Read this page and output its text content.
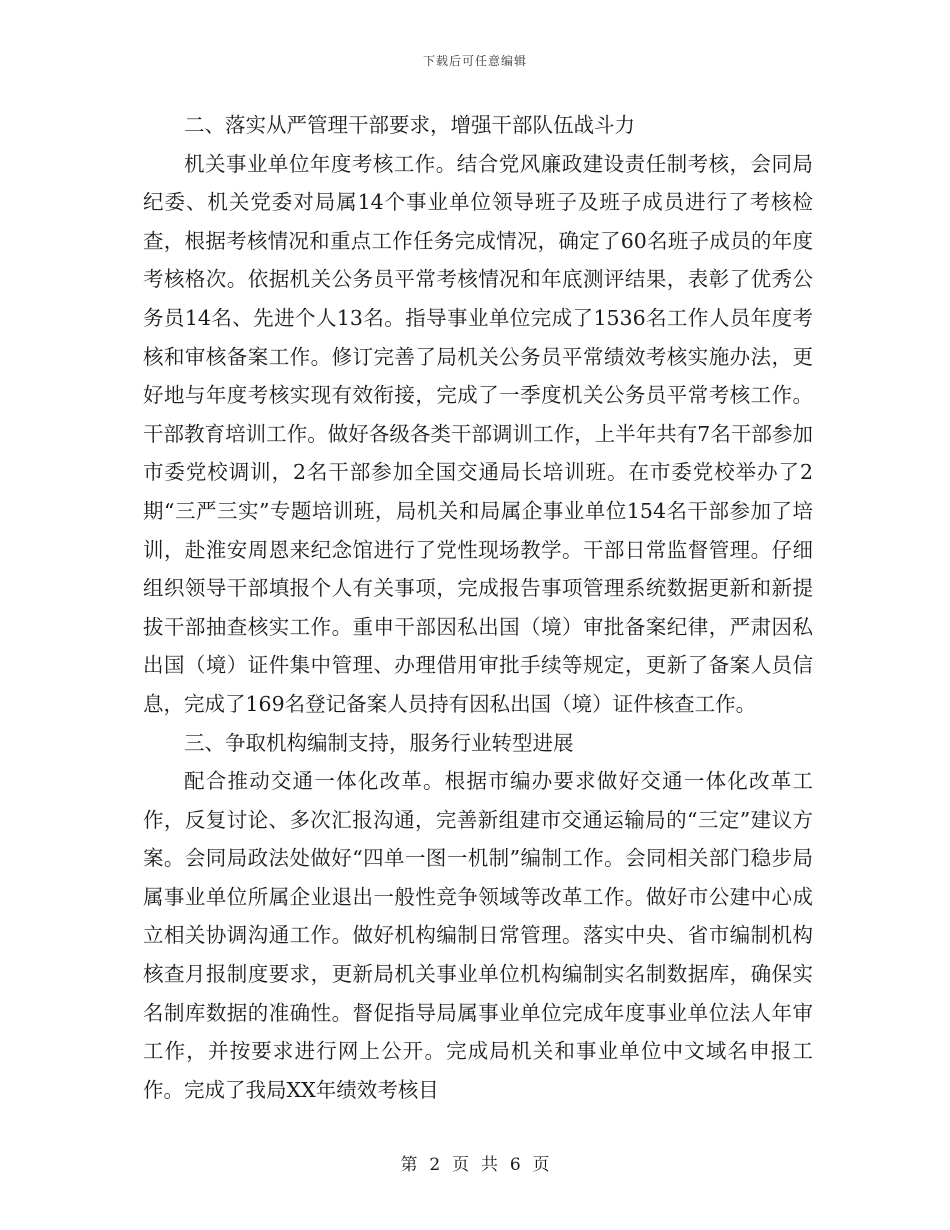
下载后可任意编辑

二、落实从严管理干部要求，增强干部队伍战斗力

机关事业单位年度考核工作。结合党风廉政建设责任制考核，会同局纪委、机关党委对局属14个事业单位领导班子及班子成员进行了考核检查，根据考核情况和重点工作任务完成情况，确定了60名班子成员的年度考核格次。依据机关公务员平常考核情况和年底测评结果，表彰了优秀公务员14名、先进个人13名。指导事业单位完成了1536名工作人员年度考核和审核备案工作。修订完善了局机关公务员平常绩效考核实施办法，更好地与年度考核实现有效衔接，完成了一季度机关公务员平常考核工作。干部教育培训工作。做好各级各类干部调训工作，上半年共有7名干部参加市委党校调训，2名干部参加全国交通局长培训班。在市委党校举办了2期“三严三实”专题培训班，局机关和局属企事业单位154名干部参加了培训，赴淮安周恩来纪念馆进行了党性现场教学。干部日常监督管理。仔细组织领导干部填报个人有关事项，完成报告事项管理系统数据更新和新提拔干部抽查核实工作。重申干部因私出国（境）审批备案纪律，严肃因私出国（境）证件集中管理、办理借用审批手续等规定，更新了备案人员信息，完成了169名登记备案人员持有因私出国（境）证件核查工作。

三、争取机构编制支持，服务行业转型进展

配合推动交通一体化改革。根据市编办要求做好交通一体化改革工作，反复讨论、多次汇报沟通，完善新组建市交通运输局的“三定”建议方案。会同局政法处做好“四单一图一机制”编制工作。会同相关部门稳步局属事业单位所属企业退出一般性竞争领域等改革工作。做好市公建中心成立相关协调沟通工作。做好机构编制日常管理。落实中央、省市编制机构核查月报制度要求，更新局机关事业单位机构编制实名制数据库，确保实名制库数据的准确性。督促指导局属事业单位完成年度事业单位法人年审工作，并按要求进行网上公开。完成局机关和事业单位中文域名申报工作。完成了我局XX年绩效考核目

第 2 页 共 6 页
